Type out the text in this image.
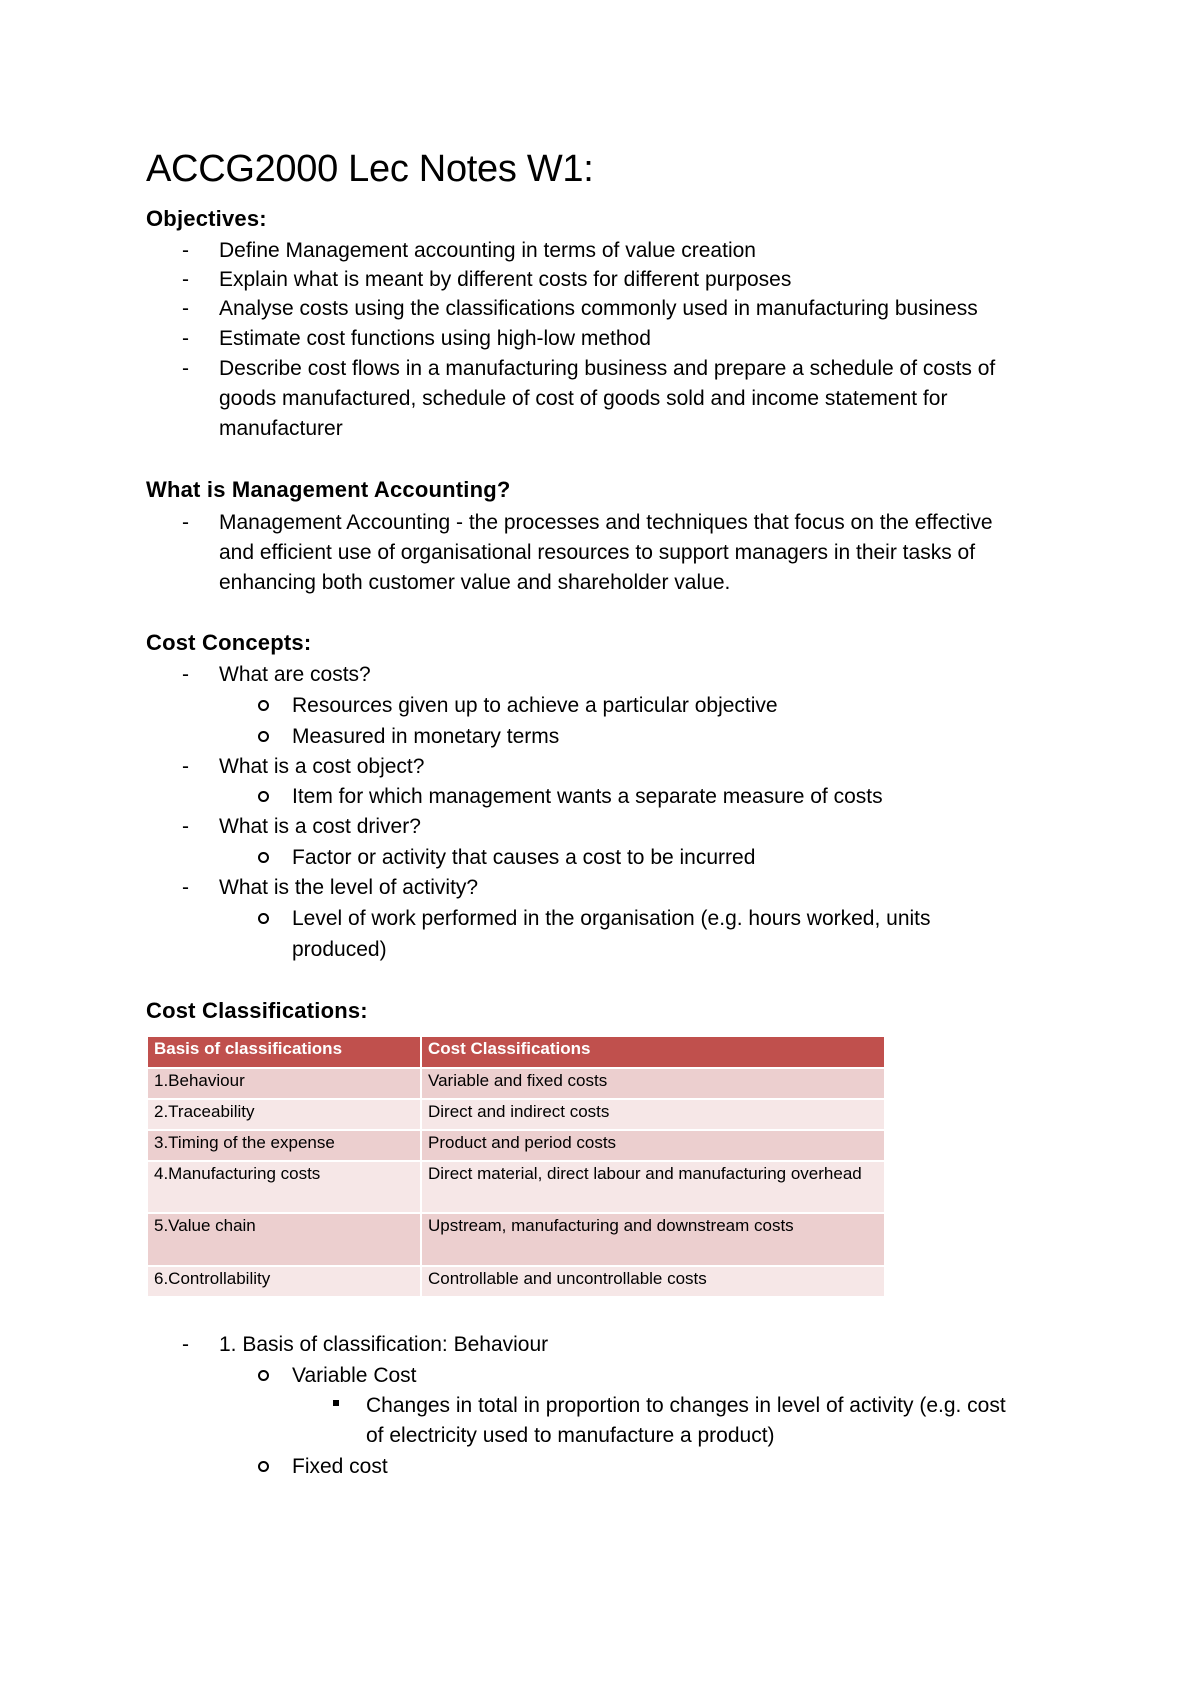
ACCG2000 Lec Notes W1:
Objectives:
- Define Management accounting in terms of value creation
- Explain what is meant by different costs for different purposes
- Analyse costs using the classifications commonly used in manufacturing business
- Estimate cost functions using high-low method
- Describe cost flows in a manufacturing business and prepare a schedule of costs of
goods manufactured, schedule of cost of goods sold and income statement for
manufacturer
What is Management Accounting?
- Management Accounting - the processes and techniques that focus on the effective
and efficient use of organisational resources to support managers in their tasks of
enhancing both customer value and shareholder value.
Cost Concepts:
- What are costs?
Resources given up to achieve a particular objective
Measured in monetary terms
- What is a cost object?
Item for which management wants a separate measure of costs
- What is a cost driver?
Factor or activity that causes a cost to be incurred
- What is the level of activity?
Level of work performed in the organisation (e.g. hours worked, units
produced)
Cost Classifications:
Basis of classifications	Cost Classifications
1.Behaviour	Variable and fixed costs
2.Traceability	Direct and indirect costs
3.Timing of the expense	Product and period costs
4.Manufacturing costs	Direct material, direct labour and manufacturing overhead
5.Value chain	Upstream, manufacturing and downstream costs
6.Controllability	Controllable and uncontrollable costs
- 1. Basis of classification: Behaviour
Variable Cost
Changes in total in proportion to changes in level of activity (e.g. cost
of electricity used to manufacture a product)
Fixed cost
